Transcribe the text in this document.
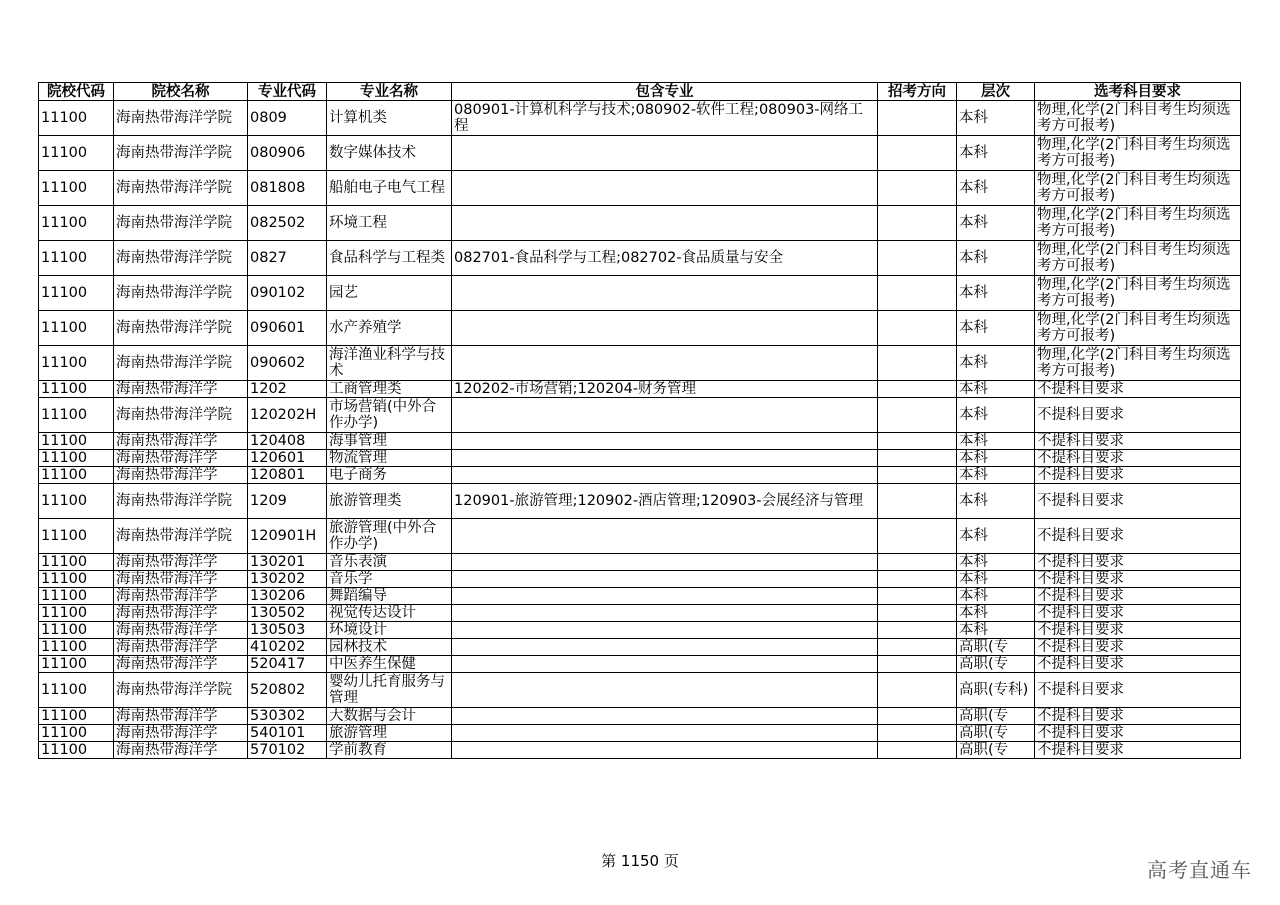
院校代码	院校名称	专业代码	专业名称	包含专业	招考方向	层次	选考科目要求
11100	海南热带海洋学院	0809	计算机类	080901-计算机科学与技术;080902-软件工程;080903-网络工程		本科	物理,化学(2门科目考生均须选考方可报考)
11100	海南热带海洋学院	080906	数字媒体技术			本科	物理,化学(2门科目考生均须选考方可报考)
11100	海南热带海洋学院	081808	船舶电子电气工程			本科	物理,化学(2门科目考生均须选考方可报考)
11100	海南热带海洋学院	082502	环境工程			本科	物理,化学(2门科目考生均须选考方可报考)
11100	海南热带海洋学院	0827	食品科学与工程类	082701-食品科学与工程;082702-食品质量与安全		本科	物理,化学(2门科目考生均须选考方可报考)
11100	海南热带海洋学院	090102	园艺			本科	物理,化学(2门科目考生均须选考方可报考)
11100	海南热带海洋学院	090601	水产养殖学			本科	物理,化学(2门科目考生均须选考方可报考)
11100	海南热带海洋学院	090602	海洋渔业科学与技术			本科	物理,化学(2门科目考生均须选考方可报考)
11100	海南热带海洋学	1202	工商管理类	120202-市场营销;120204-财务管理		本科	不提科目要求
11100	海南热带海洋学院	120202H	市场营销(中外合作办学)			本科	不提科目要求
11100	海南热带海洋学	120408	海事管理			本科	不提科目要求
11100	海南热带海洋学	120601	物流管理			本科	不提科目要求
11100	海南热带海洋学	120801	电子商务			本科	不提科目要求
11100	海南热带海洋学院	1209	旅游管理类	120901-旅游管理;120902-酒店管理;120903-会展经济与管理		本科	不提科目要求
11100	海南热带海洋学院	120901H	旅游管理(中外合作办学)			本科	不提科目要求
11100	海南热带海洋学	130201	音乐表演			本科	不提科目要求
11100	海南热带海洋学	130202	音乐学			本科	不提科目要求
11100	海南热带海洋学	130206	舞蹈编导			本科	不提科目要求
11100	海南热带海洋学	130502	视觉传达设计			本科	不提科目要求
11100	海南热带海洋学	130503	环境设计			本科	不提科目要求
11100	海南热带海洋学	410202	园林技术			高职(专	不提科目要求
11100	海南热带海洋学	520417	中医养生保健			高职(专	不提科目要求
11100	海南热带海洋学院	520802	婴幼儿托育服务与管理			高职(专科)	不提科目要求
11100	海南热带海洋学	530302	大数据与会计			高职(专	不提科目要求
11100	海南热带海洋学	540101	旅游管理			高职(专	不提科目要求
11100	海南热带海洋学	570102	学前教育			高职(专	不提科目要求
第 1150 页	高考直通车
